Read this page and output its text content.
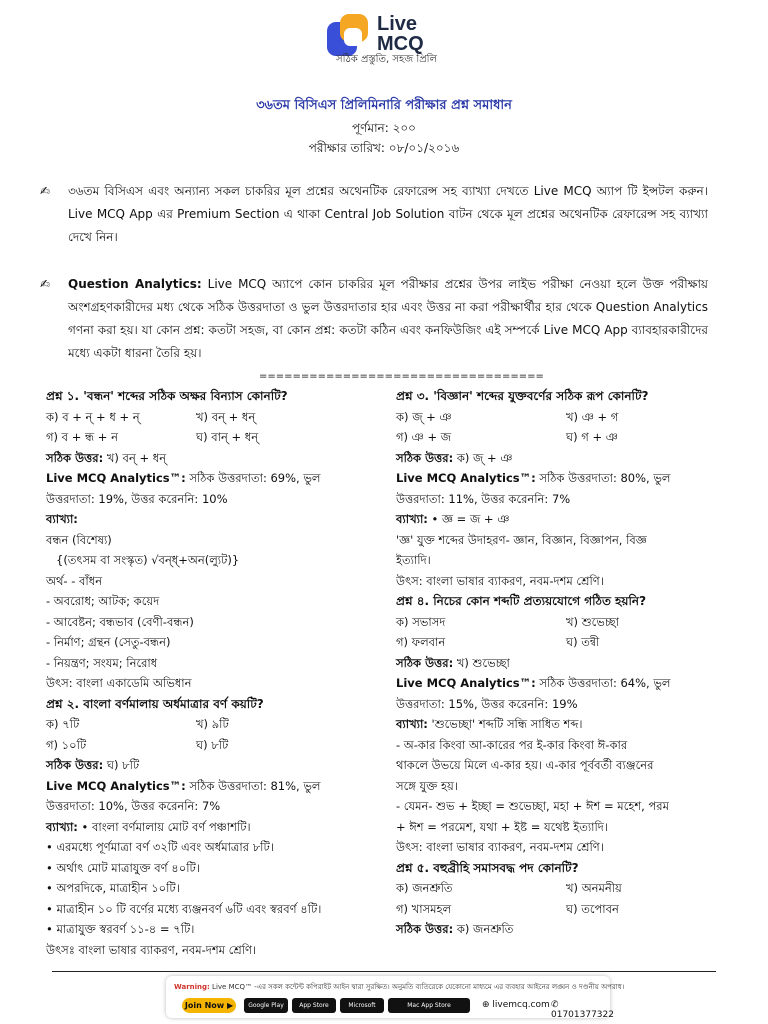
Live
MCQ
সঠিক প্রস্তুতি, সহজ প্রিলি
৩৬তম বিসিএস প্রিলিমিনারি পরীক্ষার প্রশ্ন সমাধান
পূর্ণমান: ২০০
পরীক্ষার তারিখ: ০৮/০১/২০১৬
✍	৩৬তম বিসিএস এবং অন্যান্য সকল চাকরির মূল প্রশ্নের অথেনটিক রেফারেন্স সহ ব্যাখ্যা দেখতে Live MCQ অ্যাপ টি ইন্সটল করুন। Live MCQ App এর Premium Section এ থাকা Central Job Solution বাটন থেকে মূল প্রশ্নের অথেনটিক রেফারেন্স সহ ব্যাখ্যা দেখে নিন।
✍	Question Analytics: Live MCQ অ্যাপে কোন চাকরির মূল পরীক্ষার প্রশ্নের উপর লাইভ পরীক্ষা নেওয়া হলে উক্ত পরীক্ষায় অংশগ্রহণকারীদের মধ্য থেকে সঠিক উত্তরদাতা ও ভুল উত্তরদাতার হার এবং উত্তর না করা পরীক্ষার্থীর হার থেকে Question Analytics গণনা করা হয়। যা কোন প্রশ্ন: কতটা সহজ, বা কোন প্রশ্ন: কতটা কঠিন এবং কনফিউজিং এই সম্পর্কে Live MCQ App ব্যাবহারকারীদের মধ্যে একটা ধারনা তৈরি হয়।
==================================
প্রশ্ন ১. 'বন্ধন' শব্দের সঠিক অক্ষর বিন্যাস কোনটি?
ক) ব + ন্ + ধ + ন্	খ) বন্ + ধন্
গ) ব + ন্ধ + ন	ঘ) বান্ + ধন্
সঠিক উত্তর: খ) বন্ + ধন্
Live MCQ Analytics™: সঠিক উত্তরদাতা: 69%, ভুল
উত্তরদাতা: 19%, উত্তর করেননি: 10%
ব্যাখ্যা:
বন্ধন (বিশেষ্য)
{(তৎসম বা সংস্কৃত) √বন্ধ্+অন(ল্যুট)}
অর্থ- - বাঁধন
- অবরোধ; আটক; কয়েদ
- আবেষ্টন; বন্ধভাব (বেণী-বন্ধন)
- নির্মাণ; গ্রন্থন (সেতু-বন্ধন)
- নিয়ন্ত্রণ; সংযম; নিরোধ
উৎস: বাংলা একাডেমি অভিধান
প্রশ্ন ২. বাংলা বর্ণমালায় অর্ধমাত্রার বর্ণ কয়টি?
ক) ৭টি	খ) ৯টি
গ) ১০টি	ঘ) ৮টি
সঠিক উত্তর: ঘ) ৮টি
Live MCQ Analytics™: সঠিক উত্তরদাতা: 81%, ভুল
উত্তরদাতা: 10%, উত্তর করেননি: 7%
ব্যাখ্যা: • বাংলা বর্ণমালায় মোট বর্ণ পঞ্চাশটি।
• এরমধ্যে পূর্ণমাত্রা বর্ণ ৩২টি এবং অর্ধমাত্রার ৮টি।
• অর্থাৎ মোট মাত্রাযুক্ত বর্ণ ৪০টি।
• অপরদিকে, মাত্রাহীন ১০টি।
• মাত্রাহীন ১০ টি বর্ণের মধ্যে ব্যঞ্জনবর্ণ ৬টি এবং স্বরবর্ণ ৪টি।
• মাত্রাযুক্ত স্বরবর্ণ ১১-৪ = ৭টি।
উৎসঃ বাংলা ভাষার ব্যাকরণ, নবম-দশম শ্রেণি।
প্রশ্ন ৩. 'বিজ্ঞান' শব্দের যুক্তবর্ণের সঠিক রূপ কোনটি?
ক) জ্ + ঞ	খ) ঞ + গ
গ) ঞ + জ	ঘ) গ + ঞ
সঠিক উত্তর: ক) জ্ + ঞ
Live MCQ Analytics™: সঠিক উত্তরদাতা: 80%, ভুল
উত্তরদাতা: 11%, উত্তর করেননি: 7%
ব্যাখ্যা: • জ্ঞ = জ + ঞ
'জ্ঞ' যুক্ত শব্দের উদাহরণ- জ্ঞান, বিজ্ঞান, বিজ্ঞাপন, বিজ্ঞ
ইত্যাদি।
উৎস: বাংলা ভাষার ব্যাকরণ, নবম-দশম শ্রেণি।
প্রশ্ন ৪. নিচের কোন শব্দটি প্রত্যয়যোগে গঠিত হয়নি?
ক) সভাসদ	খ) শুভেচ্ছা
গ) ফলবান	ঘ) তন্বী
সঠিক উত্তর: খ) শুভেচ্ছা
Live MCQ Analytics™: সঠিক উত্তরদাতা: 64%, ভুল
উত্তরদাতা: 15%, উত্তর করেননি: 19%
ব্যাখ্যা: 'শুভেচ্ছা' শব্দটি সন্ধি সাধিত শব্দ।
- অ-কার কিংবা আ-কারের পর ই-কার কিংবা ঈ-কার
থাকলে উভয়ে মিলে এ-কার হয়। এ-কার পূর্ববর্তী ব্যঞ্জনের
সঙ্গে যুক্ত হয়।
- যেমন- শুভ + ইচ্ছা = শুভেচ্ছা, মহা + ঈশ = মহেশ, পরম
+ ঈশ = পরমেশ, যথা + ইষ্ট = যথেষ্ট ইত্যাদি।
উৎস: বাংলা ভাষার ব্যাকরণ, নবম-দশম শ্রেণি।
প্রশ্ন ৫. বহুব্রীহি সমাসবদ্ধ পদ কোনটি?
ক) জনশ্রুতি	খ) অনমনীয়
গ) খাসমহল	ঘ) তপোবন
সঠিক উত্তর: ক) জনশ্রুতি
Warning: Live MCQ™ -এর সকল কন্টেন্ট কপিরাইট আইন দ্বারা সুরক্ষিত। অনুমতি ব্যতিরেকে যেকোনো মাধ্যমে এর ব্যবহার আইনের লঙ্ঘন ও দণ্ডনীয় অপরাধ।
Join Now ▶	Google Play	App Store	Microsoft	Mac App Store	⊕ livemcq.com ✆ 01701377322
